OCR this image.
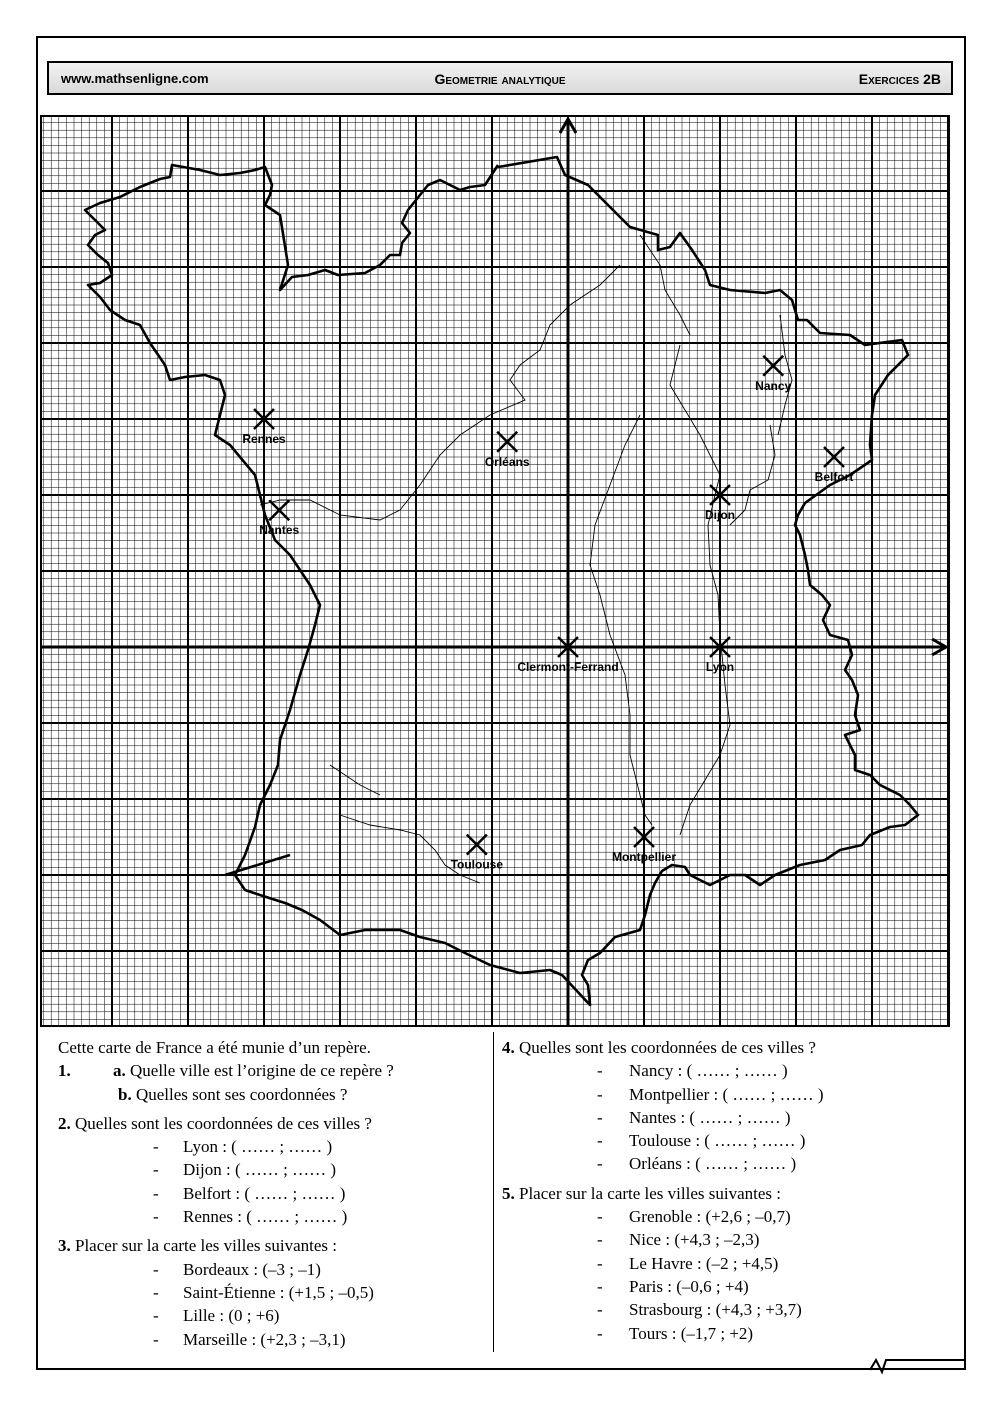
www.mathsenligne.com	Geometrie analytique	Exercices 2B
Rennes
Nantes
Orléans
Dijon
Nancy
Belfort
Clermont-Ferrand	Lyon
Toulouse
Montpellier
Cette carte de France a été munie d’un repère.
1. a. Quelle ville est l’origine de ce repère ?
b. Quelles sont ses coordonnées ?
2. Quelles sont les coordonnées de ces villes ?
- Lyon : ( …… ; …… )
- Dijon : ( …… ; …… )
- Belfort : ( …… ; …… )
- Rennes : ( …… ; …… )
3. Placer sur la carte les villes suivantes :
- Bordeaux : (–3 ; –1)
- Saint-Étienne : (+1,5 ; –0,5)
- Lille : (0 ; +6)
- Marseille : (+2,3 ; –3,1)
4. Quelles sont les coordonnées de ces villes ?
- Nancy : ( …… ; …… )
- Montpellier : ( …… ; …… )
- Nantes : ( …… ; …… )
- Toulouse : ( …… ; …… )
- Orléans : ( …… ; …… )
5. Placer sur la carte les villes suivantes :
- Grenoble : (+2,6 ; –0,7)
- Nice : (+4,3 ; –2,3)
- Le Havre : (–2 ; +4,5)
- Paris : (–0,6 ; +4)
- Strasbourg : (+4,3 ; +3,7)
- Tours : (–1,7 ; +2)
